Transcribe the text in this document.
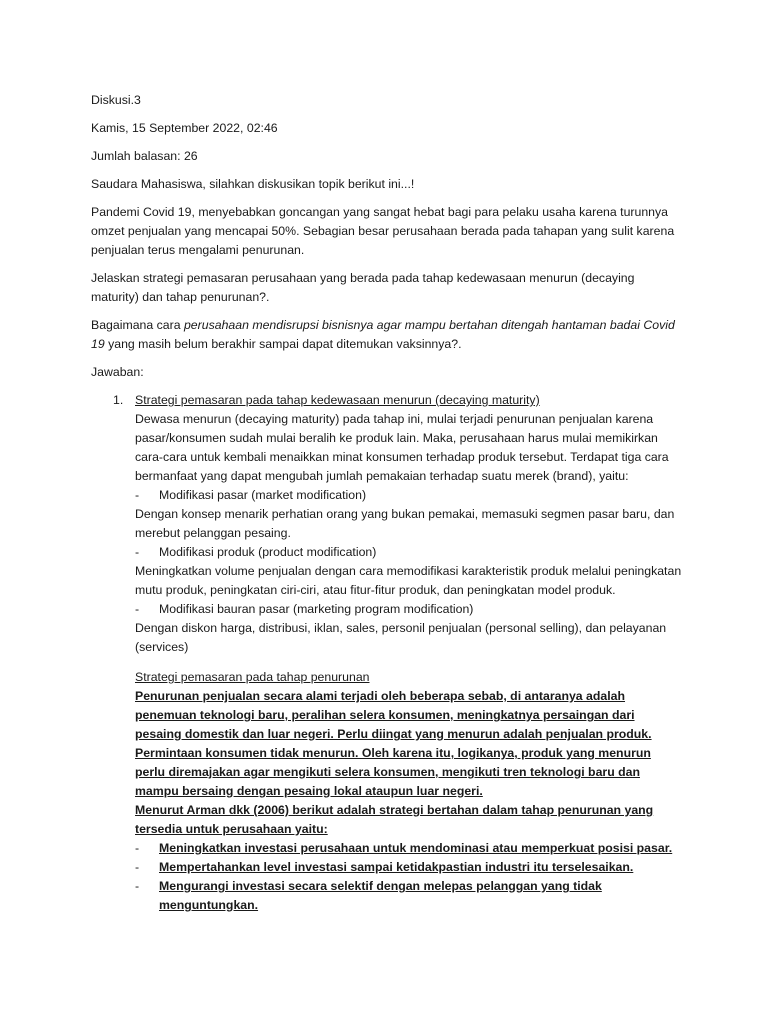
Diskusi.3

Kamis, 15 September 2022, 02:46

Jumlah balasan: 26

Saudara Mahasiswa, silahkan diskusikan topik berikut ini...!

Pandemi Covid 19, menyebabkan goncangan yang sangat hebat bagi para pelaku usaha karena turunnya omzet penjualan yang mencapai 50%. Sebagian besar perusahaan berada pada tahapan yang sulit karena penjualan terus mengalami penurunan.

Jelaskan strategi pemasaran perusahaan yang berada pada tahap kedewasaan menurun (decaying maturity) dan tahap penurunan?.

Bagaimana cara perusahaan mendisrupsi bisnisnya agar mampu bertahan ditengah hantaman badai Covid 19 yang masih belum berakhir sampai dapat ditemukan vaksinnya?.

Jawaban:

1. Strategi pemasaran pada tahap kedewasaan menurun (decaying maturity)

Dewasa menurun (decaying maturity) pada tahap ini, mulai terjadi penurunan penjualan karena pasar/konsumen sudah mulai beralih ke produk lain. Maka, perusahaan harus mulai memikirkan cara-cara untuk kembali menaikkan minat konsumen terhadap produk tersebut. Terdapat tiga cara bermanfaat yang dapat mengubah jumlah pemakaian terhadap suatu merek (brand), yaitu:

- Modifikasi pasar (market modification)

Dengan konsep menarik perhatian orang yang bukan pemakai, memasuki segmen pasar baru, dan merebut pelanggan pesaing.

- Modifikasi produk (product modification)

Meningkatkan volume penjualan dengan cara memodifikasi karakteristik produk melalui peningkatan mutu produk, peningkatan ciri-ciri, atau fitur-fitur produk, dan peningkatan model produk.

- Modifikasi bauran pasar (marketing program modification)

Dengan diskon harga, distribusi, iklan, sales, personil penjualan (personal selling), dan pelayanan (services)

Strategi pemasaran pada tahap penurunan

Penurunan penjualan secara alami terjadi oleh beberapa sebab, di antaranya adalah penemuan teknologi baru, peralihan selera konsumen, meningkatnya persaingan dari pesaing domestik dan luar negeri. Perlu diingat yang menurun adalah penjualan produk. Permintaan konsumen tidak menurun. Oleh karena itu, logikanya, produk yang menurun perlu diremajakan agar mengikuti selera konsumen, mengikuti tren teknologi baru dan mampu bersaing dengan pesaing lokal ataupun luar negeri.

Menurut Arman dkk (2006) berikut adalah strategi bertahan dalam tahap penurunan yang tersedia untuk perusahaan yaitu:

- Meningkatkan investasi perusahaan untuk mendominasi atau memperkuat posisi pasar.

- Mempertahankan level investasi sampai ketidakpastian industri itu terselesaikan.

- Mengurangi investasi secara selektif dengan melepas pelanggan yang tidak menguntungkan.
